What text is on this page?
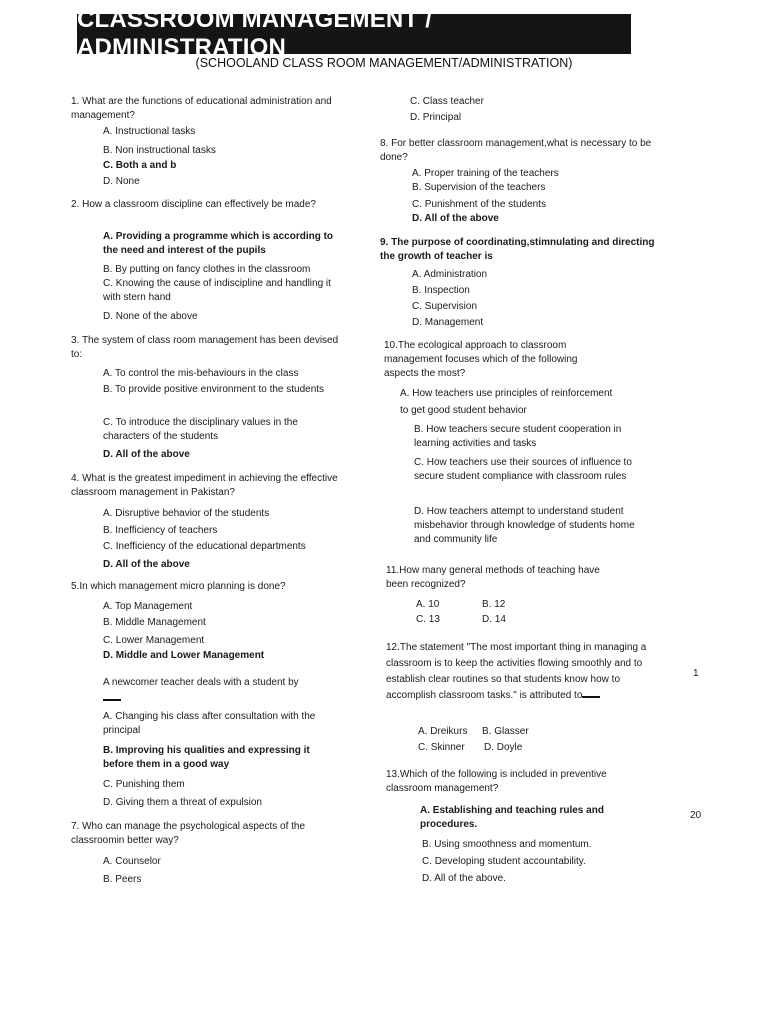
CLASSROOM MANAGEMENT / ADMINISTRATION
(SCHOOLAND CLASS ROOM MANAGEMENT/ADMINISTRATION)

1. What are the functions of educational administration and management?

A. Instructional tasks

B. Non instructional tasks

C. Both a and b

D. None

2. How a classroom discipline can effectively be made?

A. Providing a programme which is according to the need and interest of the pupils

B. By putting on fancy clothes in the classroom

C. Knowing the cause of indiscipline and handling it with stern hand

D. None of the above

3. The system of class room management has been devised to:

A. To control the mis-behaviours in the class

B. To provide positive environment to the students

C. To introduce the disciplinary values in the characters of the students

D. All of the above

4. What is the greatest impediment in achieving the effective classroom management in Pakistan?

A. Disruptive behavior of the students

B. Inefficiency of teachers

C. Inefficiency of the educational departments

D. All of the above

5.In which management micro planning is done?

A. Top Management

B. Middle Management

C. Lower Management

D. Middle and Lower Management

A newcomer teacher deals with a student by

A. Changing his class after consultation with the principal

B. Improving his qualities and expressing it before them in a good way

C. Punishing them

D. Giving them a threat of expulsion

7. Who can manage the psychological aspects of the classroomin better way?

A. Counselor

B. Peers

C. Class teacher

D. Principal

8. For better classroom management,what is necessary to be done?

A. Proper training of the teachers

B. Supervision of the teachers

C. Punishment of the students

D. All of the above

9. The purpose of coordinating,stimnulating and directing the growth of teacher is

A. Administration

B. Inspection

C. Supervision

D. Management

10.The ecological approach to classroom management focuses which of the following aspects the most?

A. How teachers use principles of reinforcement

to get good student behavior

B. How teachers secure student cooperation in learning activities and tasks

C. How teachers use their sources of influence to secure student compliance with classroom rules

D. How teachers attempt to understand student misbehavior through knowledge of students home and community life

11.How many general methods of teaching have been recognized?

A. 10	B. 12
C. 13	D. 14

12.The statement "The most important thing in managing a classroom is to keep the activities flowing smoothly and to establish clear routines so that students know how to accomplish classroom tasks." is attributed to

A. Dreikurs	B. Glasser
C. Skinner	D. Doyle

13.Which of the following is included in preventive classroom management?

A. Establishing and teaching rules and procedures.

B. Using smoothness and momentum.

C. Developing student accountability.

D. All of the above.

1
20
